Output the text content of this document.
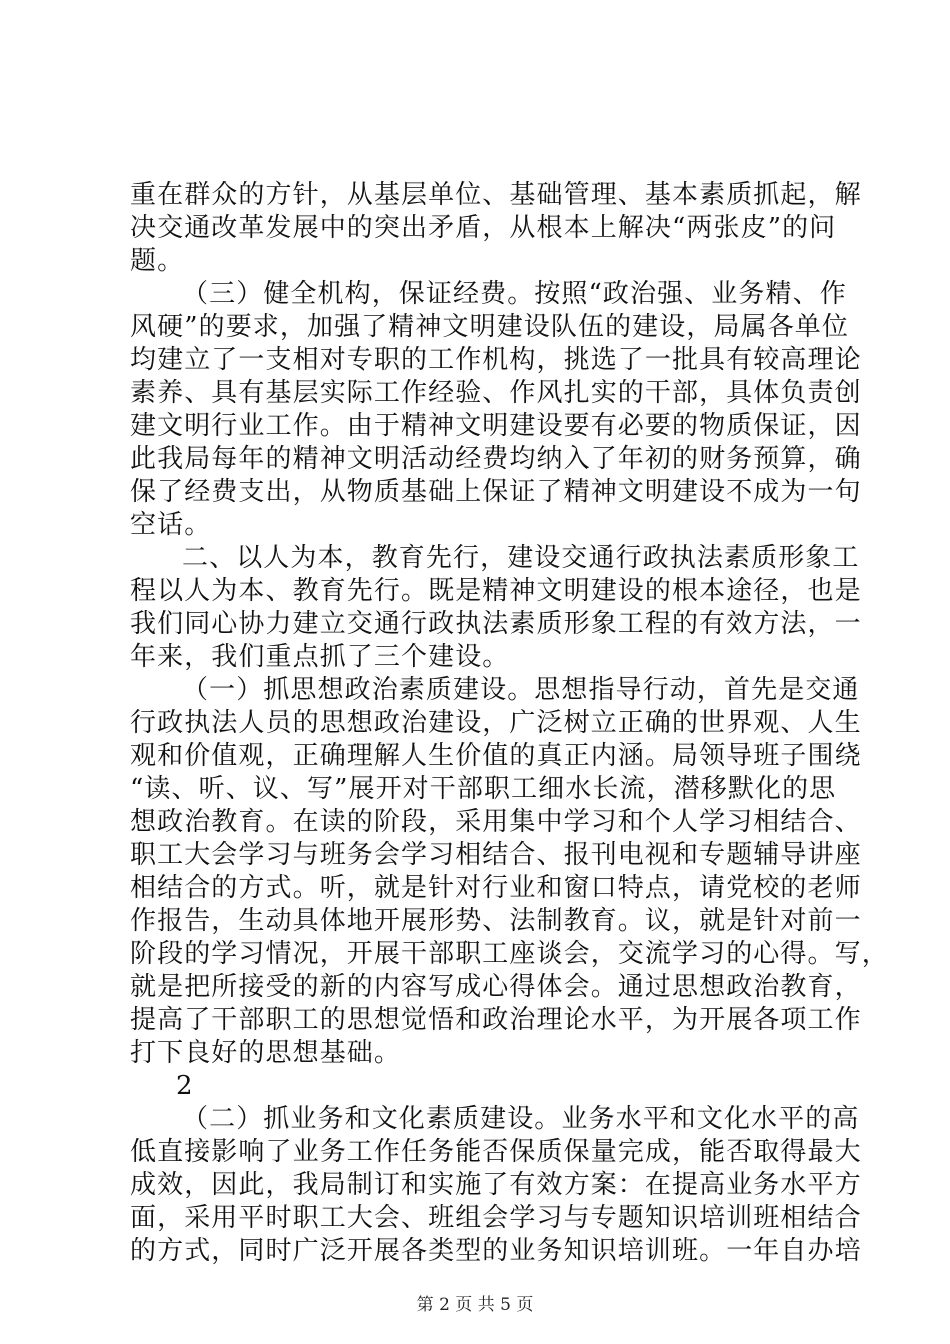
重在群众的方针，从基层单位、基础管理、基本素质抓起，解
决交通改革发展中的突出矛盾，从根本上解决“两张皮”的问
题。
（三）健全机构，保证经费。按照“政治强、业务精、作
风硬”的要求，加强了精神文明建设队伍的建设，局属各单位
均建立了一支相对专职的工作机构，挑选了一批具有较高理论
素养、具有基层实际工作经验、作风扎实的干部，具体负责创
建文明行业工作。由于精神文明建设要有必要的物质保证，因
此我局每年的精神文明活动经费均纳入了年初的财务预算，确
保了经费支出，从物质基础上保证了精神文明建设不成为一句
空话。
二、以人为本，教育先行，建设交通行政执法素质形象工
程以人为本、教育先行。既是精神文明建设的根本途径，也是
我们同心协力建立交通行政执法素质形象工程的有效方法，一
年来，我们重点抓了三个建设。
（一）抓思想政治素质建设。思想指导行动，首先是交通
行政执法人员的思想政治建设，广泛树立正确的世界观、人生
观和价值观，正确理解人生价值的真正内涵。局领导班子围绕
“读、听、议、写”展开对干部职工细水长流，潜移默化的思
想政治教育。在读的阶段，采用集中学习和个人学习相结合、
职工大会学习与班务会学习相结合、报刊电视和专题辅导讲座
相结合的方式。听，就是针对行业和窗口特点，请党校的老师
作报告，生动具体地开展形势、法制教育。议，就是针对前一
阶段的学习情况，开展干部职工座谈会，交流学习的心得。写，
就是把所接受的新的内容写成心得体会。通过思想政治教育，
提高了干部职工的思想觉悟和政治理论水平，为开展各项工作
打下良好的思想基础。
2
（二）抓业务和文化素质建设。业务水平和文化水平的高
低直接影响了业务工作任务能否保质保量完成，能否取得最大
成效，因此，我局制订和实施了有效方案：在提高业务水平方
面，采用平时职工大会、班组会学习与专题知识培训班相结合
的方式，同时广泛开展各类型的业务知识培训班。一年自办培
第 2 页 共 5 页
